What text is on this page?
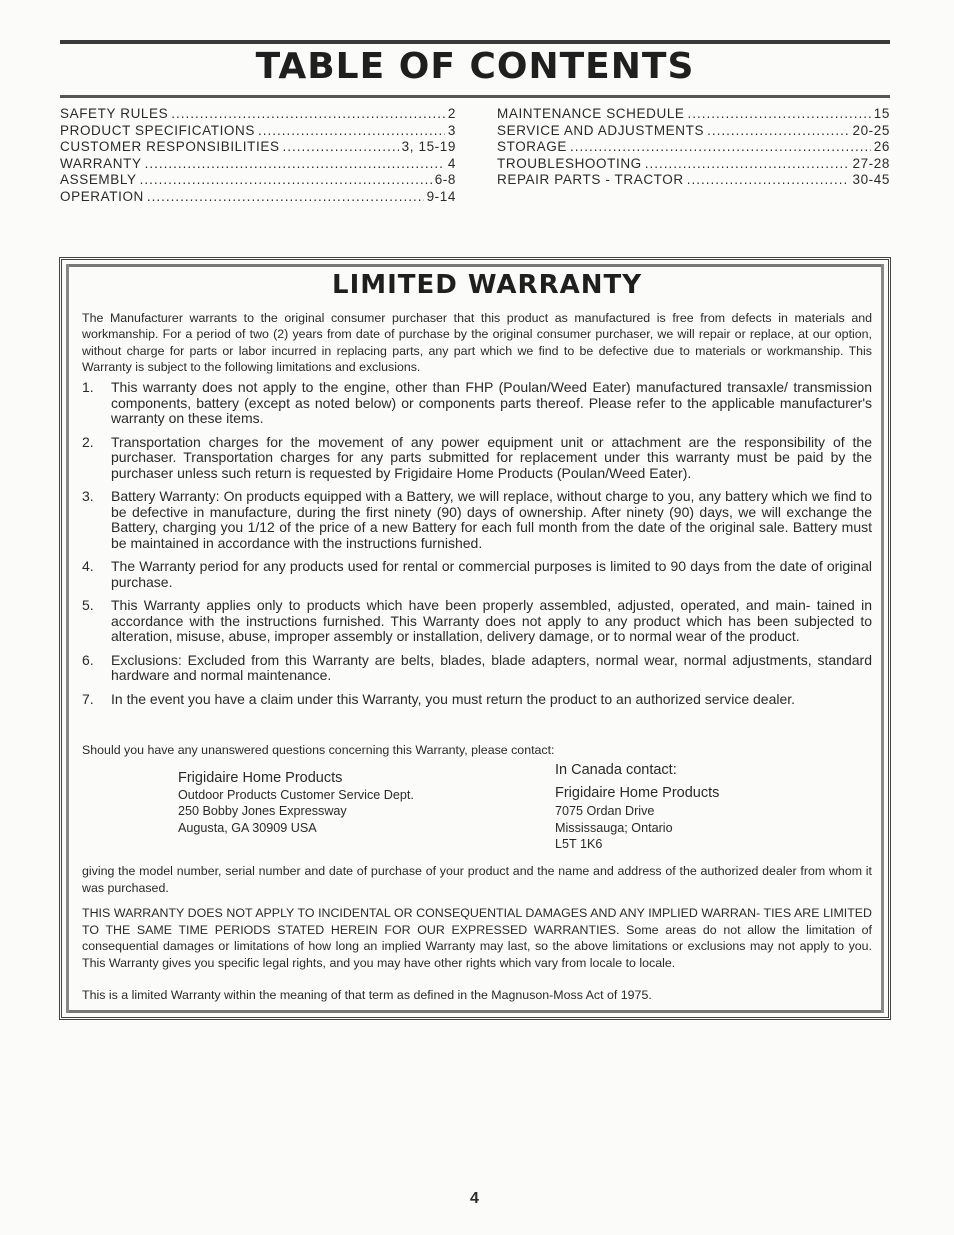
TABLE OF CONTENTS
SAFETY RULES .....	2
PRODUCT SPECIFICATIONS .....	3
CUSTOMER RESPONSIBILITIES .....	3, 15-19
WARRANTY .....	4
ASSEMBLY .....	6-8
OPERATION .....	9-14
MAINTENANCE SCHEDULE .....	15
SERVICE AND ADJUSTMENTS .....	20-25
STORAGE .....	26
TROUBLESHOOTING .....	27-28
REPAIR PARTS - TRACTOR .....	30-45
LIMITED WARRANTY
The Manufacturer warrants to the original consumer purchaser that this product as manufactured is free from defects in materials and workmanship. For a period of two (2) years from date of purchase by the original consumer purchaser, we will repair or replace, at our option, without charge for parts or labor incurred in replacing parts, any part which we find to be defective due to materials or workmanship. This Warranty is subject to the following limitations and exclusions.
1.	This warranty does not apply to the engine, other than FHP (Poulan/Weed Eater) manufactured transaxle/ transmission components, battery (except as noted below) or components parts thereof. Please refer to the applicable manufacturer's warranty on these items.
2.	Transportation charges for the movement of any power equipment unit or attachment are the responsibility of the purchaser. Transportation charges for any parts submitted for replacement under this warranty must be paid by the purchaser unless such return is requested by Frigidaire Home Products (Poulan/Weed Eater).
3.	Battery Warranty: On products equipped with a Battery, we will replace, without charge to you, any battery which we find to be defective in manufacture, during the first ninety (90) days of ownership. After ninety (90) days, we will exchange the Battery, charging you 1/12 of the price of a new Battery for each full month from the date of the original sale. Battery must be maintained in accordance with the instructions furnished.
4.	The Warranty period for any products used for rental or commercial purposes is limited to 90 days from the date of original purchase.
5.	This Warranty applies only to products which have been properly assembled, adjusted, operated, and main- tained in accordance with the instructions furnished. This Warranty does not apply to any product which has been subjected to alteration, misuse, abuse, improper assembly or installation, delivery damage, or to normal wear of the product.
6.	Exclusions: Excluded from this Warranty are belts, blades, blade adapters, normal wear, normal adjustments, standard hardware and normal maintenance.
7.	In the event you have a claim under this Warranty, you must return the product to an authorized service dealer.
Should you have any unanswered questions concerning this Warranty, please contact:
Frigidaire Home Products
Outdoor Products Customer Service Dept.
250 Bobby Jones Expressway
Augusta, GA 30909 USA
In Canada contact:
Frigidaire Home Products
7075 Ordan Drive
Mississauga; Ontario
L5T 1K6
giving the model number, serial number and date of purchase of your product and the name and address of the authorized dealer from whom it was purchased.
THIS WARRANTY DOES NOT APPLY TO INCIDENTAL OR CONSEQUENTIAL DAMAGES AND ANY IMPLIED WARRAN- TIES ARE LIMITED TO THE SAME TIME PERIODS STATED HEREIN FOR OUR EXPRESSED WARRANTIES. Some areas do not allow the limitation of consequential damages or limitations of how long an implied Warranty may last, so the above limitations or exclusions may not apply to you. This Warranty gives you specific legal rights, and you may have other rights which vary from locale to locale.
This is a limited Warranty within the meaning of that term as defined in the Magnuson-Moss Act of 1975.
4
